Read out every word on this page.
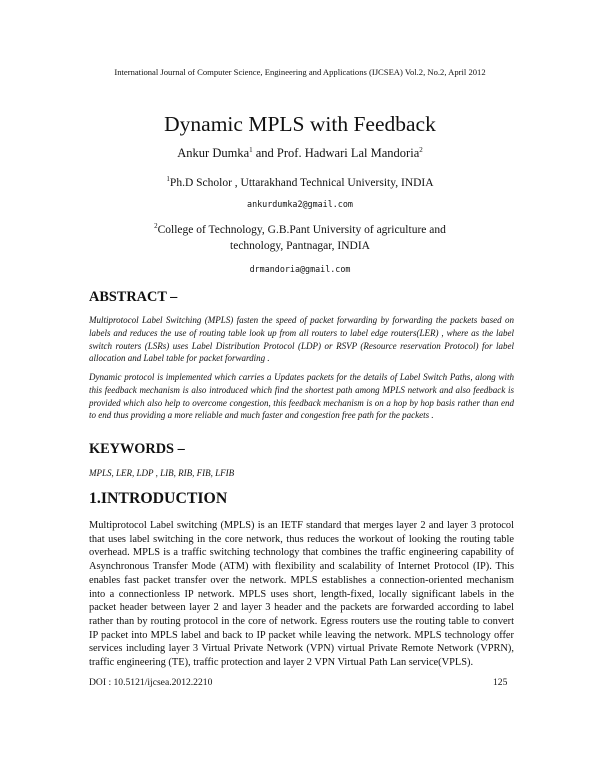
International Journal of Computer Science, Engineering and Applications (IJCSEA) Vol.2, No.2, April 2012
Dynamic MPLS with Feedback
Ankur Dumka$^1$ and Prof. Hadwari Lal Mandoria$^2$
$^1$Ph.D Scholor , Uttarakhand Technical University, INDIA
ankurdumka2@gmail.com
$^2$College of Technology, G.B.Pant University of agriculture and technology, Pantnagar, INDIA
drmandoria@gmail.com
ABSTRACT –
Multiprotocol Label Switching (MPLS) fasten the speed of packet forwarding by forwarding the packets based on labels and reduces the use of routing table look up from all routers to label edge routers(LER) , where as the label switch routers (LSRs) uses Label Distribution Protocol (LDP) or RSVP (Resource reservation Protocol) for label allocation and Label table for packet forwarding .
Dynamic protocol is implemented which carries a Updates packets for the details of Label Switch Paths, along with this feedback mechanism is also introduced which find the shortest path among MPLS network and also feedback is provided which also help to overcome congestion, this feedback mechanism is on a hop by hop basis rather than end to end thus providing a more reliable and much faster and congestion free path for the packets .
KEYWORDS –
MPLS, LER, LDP , LIB, RIB, FIB, LFIB
1.INTRODUCTION
Multiprotocol Label switching (MPLS) is an IETF standard that merges layer 2 and layer 3 protocol that uses label switching in the core network, thus reduces the workout of looking the routing table overhead. MPLS is a traffic switching technology that combines the traffic engineering capability of Asynchronous Transfer Mode (ATM) with flexibility and scalability of Internet Protocol (IP). This enables fast packet transfer over the network. MPLS establishes a connection-oriented mechanism into a connectionless IP network. MPLS uses short, length-fixed, locally significant labels in the packet header between layer 2 and layer 3 header and the packets are forwarded according to label rather than by routing protocol in the core of network. Egress routers use the routing table to convert IP packet into MPLS label and back to IP packet while leaving the network. MPLS technology offer services including layer 3 Virtual Private Network (VPN) virtual Private Remote Network (VPRN), traffic engineering (TE), traffic protection and layer 2 VPN Virtual Path Lan service(VPLS).
DOI : 10.5121/ijcsea.2012.2210	125
